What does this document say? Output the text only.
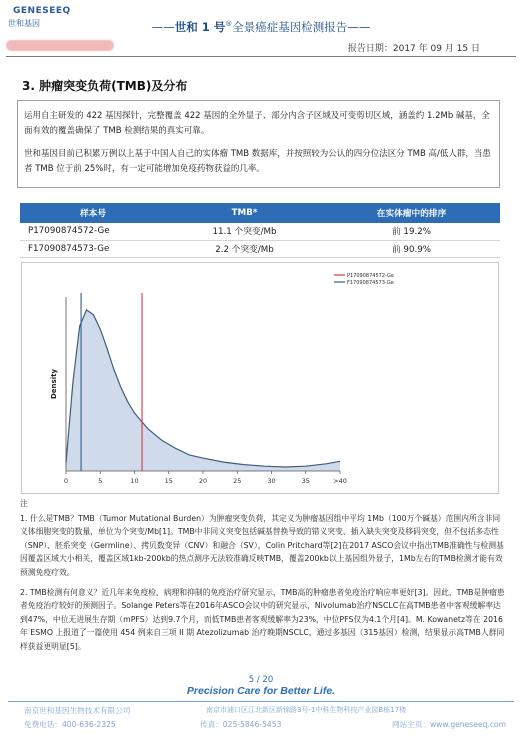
GENESEEQ
世和基因	——世和 1 号®全景癌症基因检测报告——
报告日期：2017 年 09 月 15 日
3. 肿瘤突变负荷(TMB)及分布

运用自主研发的 422 基因探针，完整覆盖 422 基因的全外显子、部分内含子区域及可变剪切区域，涵盖约 1.2Mb 碱基，全面有效的覆盖确保了 TMB 检测结果的真实可靠。

世和基因目前已积累万例以上基于中国人自己的实体瘤 TMB 数据库，并按照较为公认的四分位法区分 TMB 高/低人群，当患者 TMB 位于前 25%时，有一定可能增加免疫药物获益的几率。

样本号	TMB*	在实体瘤中的排序
P17090874572-Ge	11.1 个突变/Mb	前 19.2%
F17090874573-Ge	2.2 个突变/Mb	前 90.9%
0	5	10	15	20	25	30	35	>40
Density
P17090874572-Ge
F17090874573-Ge
注

1. 什么是TMB？TMB（Tumor Mutational Burden）为肿瘤突变负荷，其定义为肿瘤基因组中平均 1Mb（100万个碱基）范围内所含非同义体细胞突变的数量，单位为个突变/Mb[1]。TMB中非同义突变包括碱基替换导致的错义突变、插入缺失突变及移码突变，但不包括多态性（SNP）、胚系突变（Germline）、拷贝数变异（CNV）和融合（SV），Colin Pritchard等[2]在2017 ASCO会议中指出TMB准确性与检测基因覆盖区域大小相关，覆盖区域1kb-200kb的热点测序无法较准确反映TMB，覆盖200kb以上基因组外显子，1Mb左右的TMB检测才能有效预测免疫疗效。

2. TMB检测有何意义？近几年来免疫检、病理和抑制的免疫治疗研究显示，TMB高的肿瘤患者免疫治疗响应率更好[3]。因此，TMB是肿瘤患者免疫治疗较好的预测因子。Solange Peters等在2016年ASCO会议中的研究显示，Nivolumab治疗NSCLC在高TMB患者中客观缓解率达到47%，中位无进展生存期（mPFS）达到9.7个月，而低TMB患者客观缓解率为23%，中位PFS仅为4.1个月[4]。M. Kowanetz等在 2016 年 ESMO 上报道了一篇使用 454 例来自三项 II 期 Atezolizumab 治疗晚期NSCLC，通过多基因（315基因）检测，结果显示高TMB人群同样获益更明显[5]。

5 / 20
Precision Care for Better Life.
南京世和基因生物技术有限公司	南京市浦口区江北新区新锦路3号-1中科生物科技产业园B栋17楼
免费电话：400-636-2325	传真：025-5846-5453	网站主页：www.geneseeq.com
